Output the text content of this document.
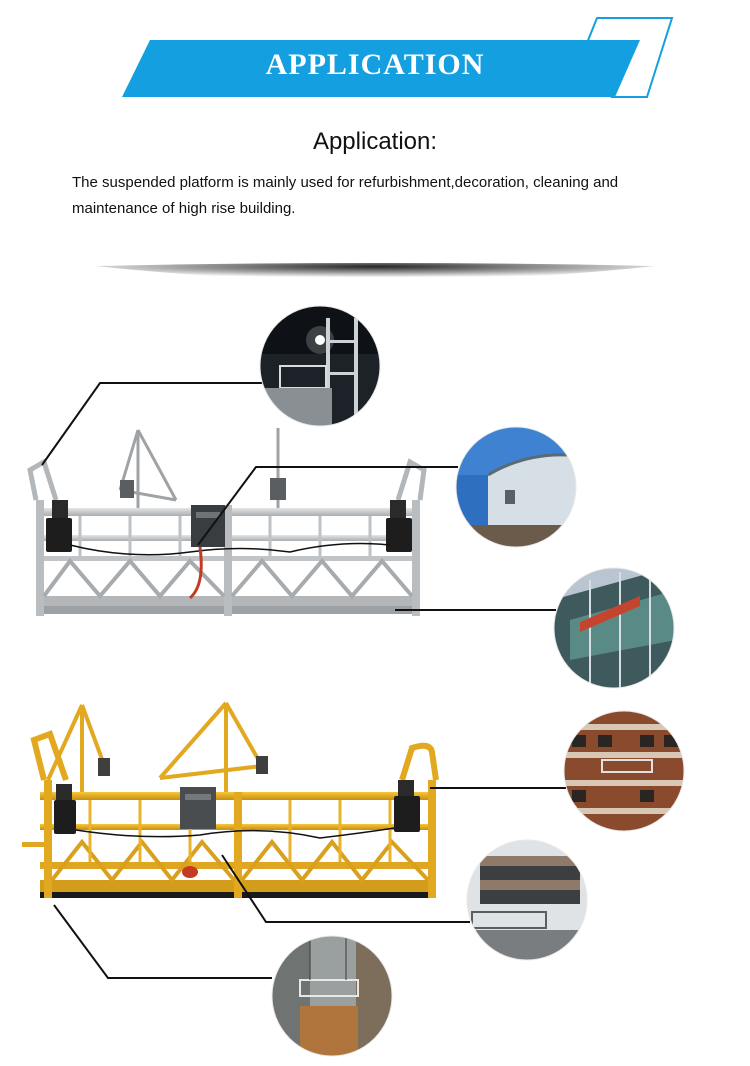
APPLICATION
Application:
The suspended platform is mainly used for refurbishment,decoration, cleaning and maintenance of high rise building.
